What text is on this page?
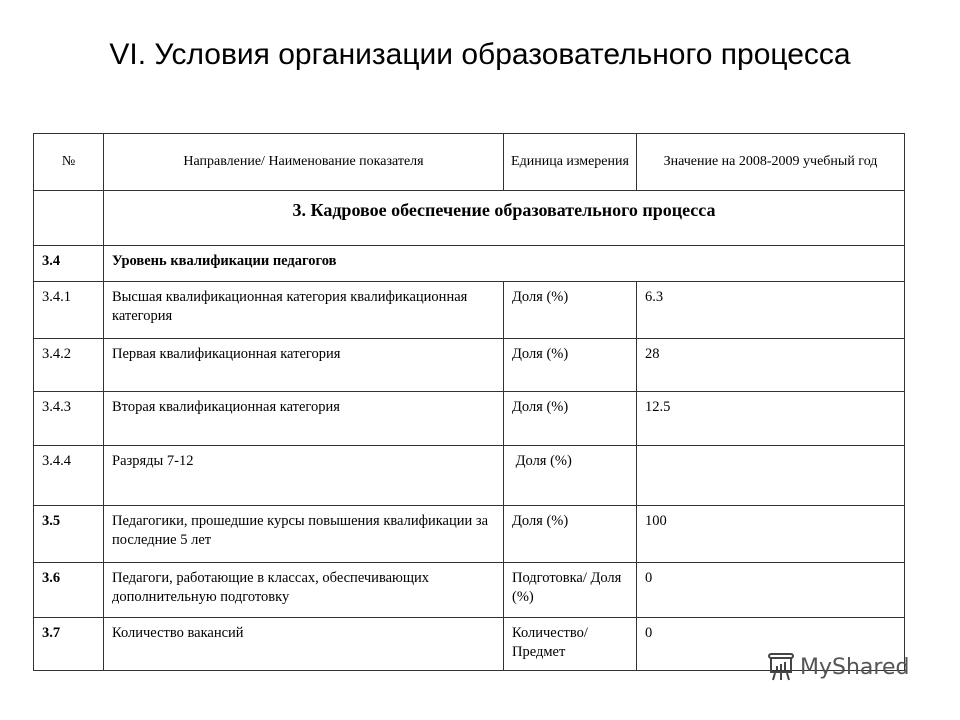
VI. Условия организации образовательного процесса
№	Направление/ Наименование показателя	Единица измерения	Значение на 2008-2009 учебный год
	3. Кадровое обеспечение образовательного процесса		
3.4	Уровень квалификации педагогов		
3.4.1	Высшая квалификационная категория квалификационная категория	Доля (%)	6.3
3.4.2	Первая квалификационная категория	Доля (%)	28
3.4.3	Вторая квалификационная категория	Доля (%)	12.5
3.4.4	Разряды 7-12	Доля (%)	
3.5	Педагогики, прошедшие курсы повышения квалификации за последние 5 лет	Доля (%)	100
3.6	Педагоги, работающие в классах, обеспечивающих дополнительную подготовку	Подготовка/ Доля (%)	0
3.7	Количество вакансий	Количество/ Предмет	0
MyShared
